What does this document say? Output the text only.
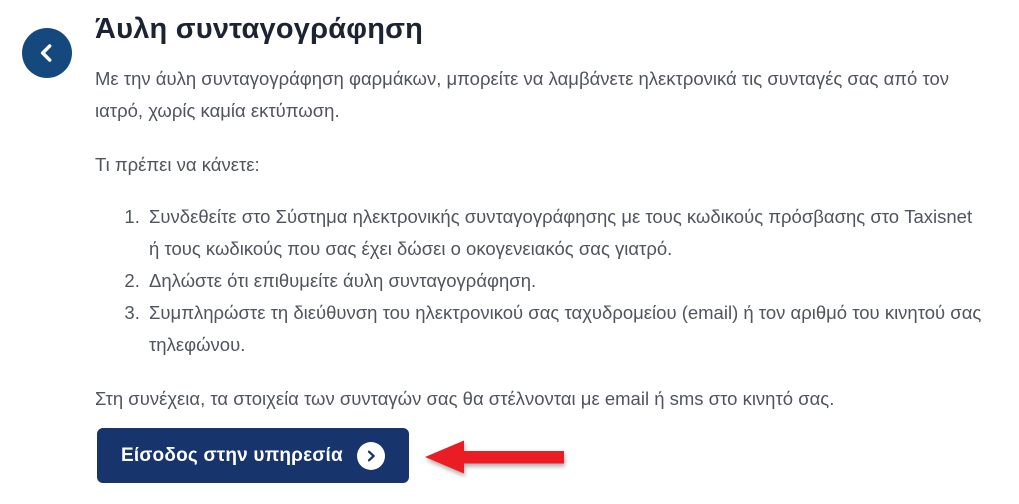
Άυλη συνταγογράφηση

Με την άυλη συνταγογράφηση φαρμάκων, μπορείτε να λαμβάνετε ηλεκτρονικά τις συνταγές σας από τον ιατρό, χωρίς καμία εκτύπωση.

Τι πρέπει να κάνετε:

1. Συνδεθείτε στο Σύστημα ηλεκτρονικής συνταγογράφησης με τους κωδικούς πρόσβασης στο Taxisnet ή τους κωδικούς που σας έχει δώσει ο οκογενειακός σας γιατρό.
2. Δηλώστε ότι επιθυμείτε άυλη συνταγογράφηση.
3. Συμπληρώστε τη διεύθυνση του ηλεκτρονικού σας ταχυδρομείου (email) ή τον αριθμό του κινητού σας τηλεφώνου.

Στη συνέχεια, τα στοιχεία των συνταγών σας θα στέλνονται με email ή sms στο κινητό σας.

Είσοδος στην υπηρεσία
